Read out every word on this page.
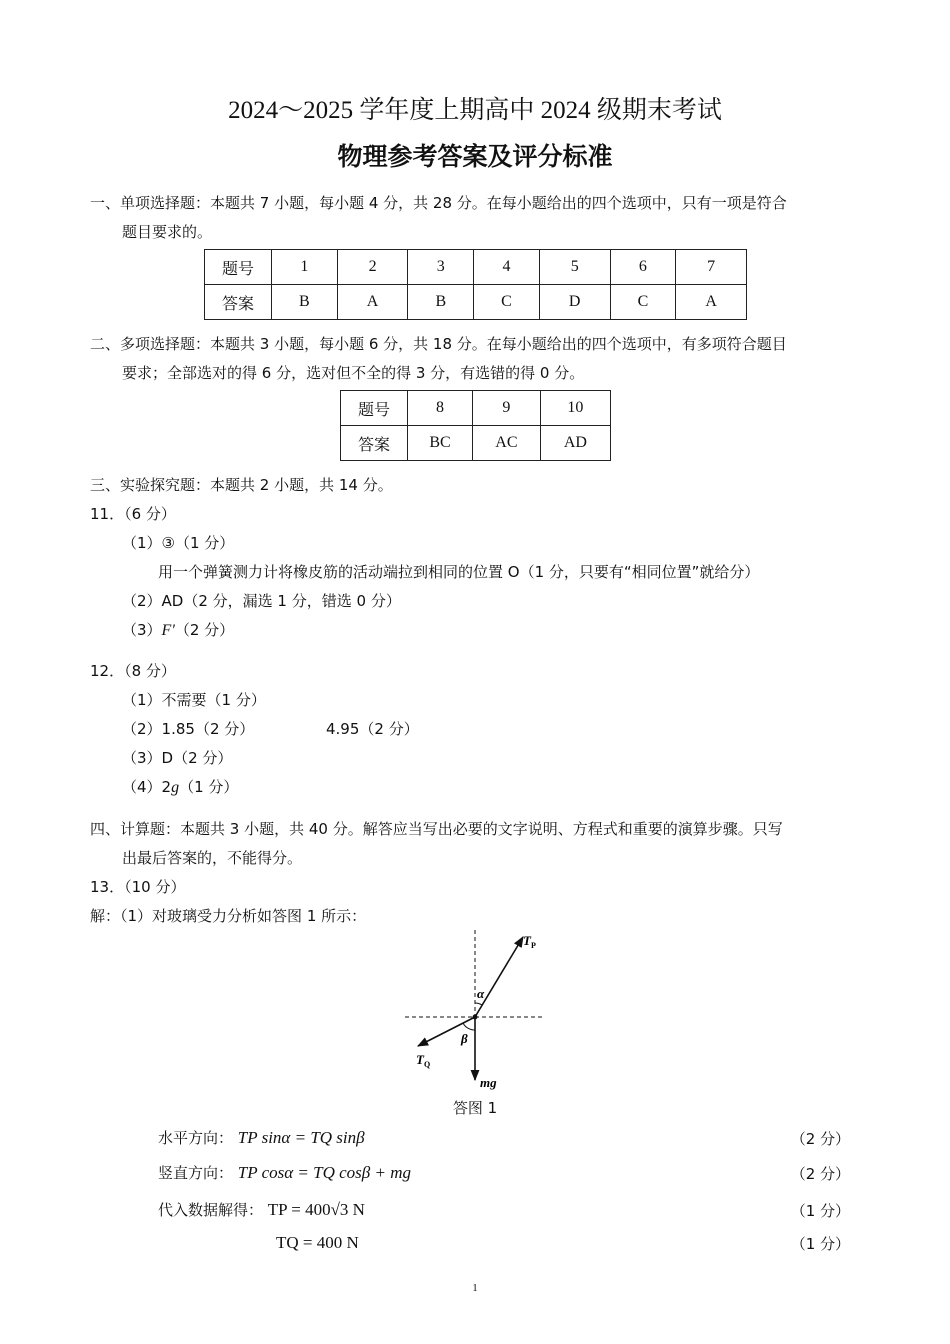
2024～2025 学年度上期高中 2024 级期末考试
物理参考答案及评分标准
一、单项选择题：本题共 7 小题，每小题 4 分，共 28 分。在每小题给出的四个选项中，只有一项是符合
题目要求的。
题号	1	2	3	4	5	6	7
答案	B	A	B	C	D	C	A
二、多项选择题：本题共 3 小题，每小题 6 分，共 18 分。在每小题给出的四个选项中，有多项符合题目
要求；全部选对的得 6 分，选对但不全的得 3 分，有选错的得 0 分。
题号	8	9	10
答案	BC	AC	AD
三、实验探究题：本题共 2 小题，共 14 分。
11．（6 分）
（1）③（1 分）
用一个弹簧测力计将橡皮筋的活动端拉到相同的位置 O（1 分，只要有“相同位置”就给分）
（2）AD（2 分，漏选 1 分，错选 0 分）
（3）F′（2 分）
12．（8 分）
（1）不需要（1 分）
（2）1.85（2 分）	4.95（2 分）
（3）D（2 分）
（4）2g（1 分）
四、计算题：本题共 3 小题，共 40 分。解答应当写出必要的文字说明、方程式和重要的演算步骤。只写
出最后答案的，不能得分。
13．（10 分）
解：（1）对玻璃受力分析如答图 1 所示：
$T_P$
α
β
$T_Q$
mg
答图 1
水平方向： TP sinα = TQ sinβ	（2 分）
竖直方向： TP cosα = TQ cosβ + mg	（2 分）
代入数据解得： TP = 400√3 N	（1 分）
TQ = 400 N	（1 分）
1
